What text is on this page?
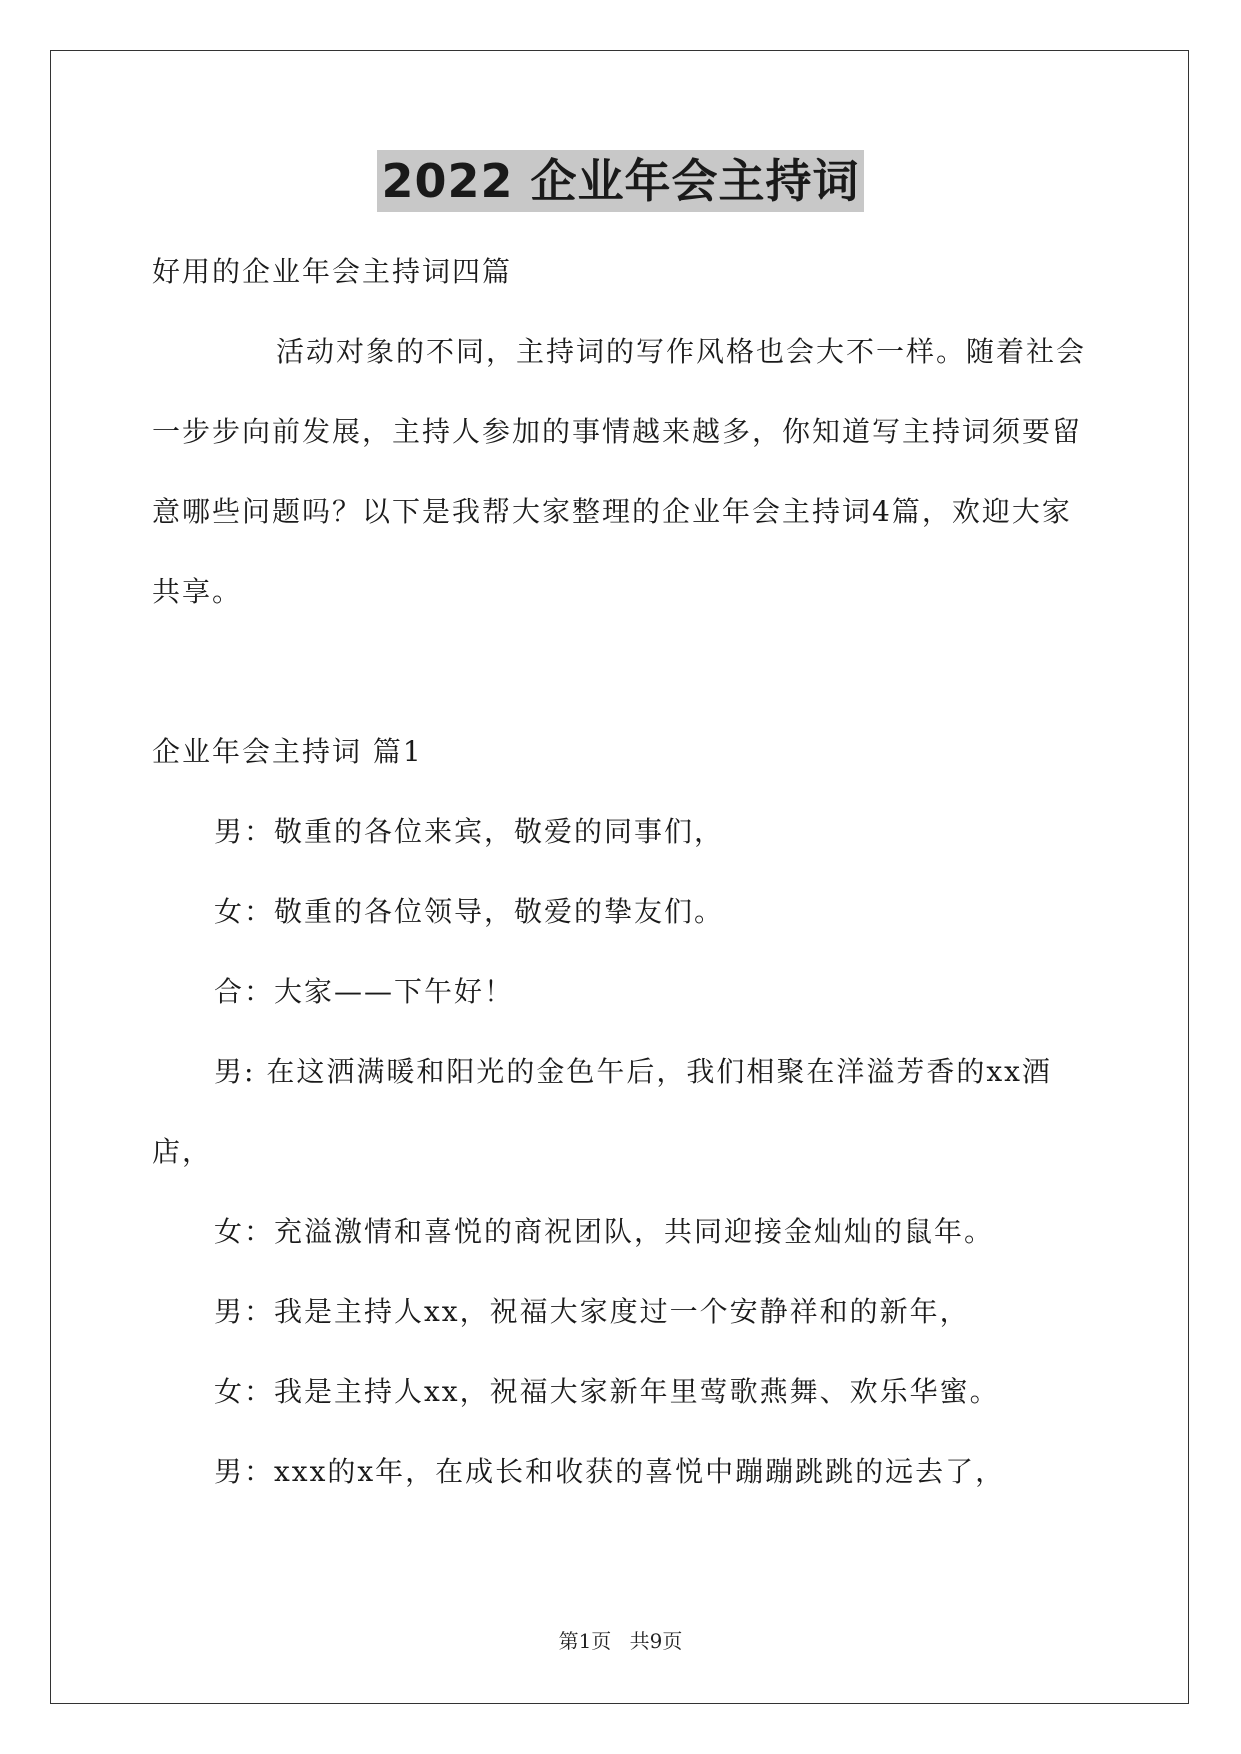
2022 企业年会主持词

好用的企业年会主持词四篇

活动对象的不同，主持词的写作风格也会大不一样。随着社会一步步向前发展，主持人参加的事情越来越多，你知道写主持词须要留意哪些问题吗？以下是我帮大家整理的企业年会主持词4篇，欢迎大家共享。

企业年会主持词 篇1

男：敬重的各位来宾，敬爱的同事们，

女：敬重的各位领导，敬爱的挚友们。

合：大家——下午好！

男: 在这洒满暖和阳光的金色午后，我们相聚在洋溢芳香的xx酒店，

女：充溢激情和喜悦的商祝团队，共同迎接金灿灿的鼠年。

男：我是主持人xx，祝福大家度过一个安静祥和的新年，

女：我是主持人xx，祝福大家新年里莺歌燕舞、欢乐华蜜。

男：xxx的x年，在成长和收获的喜悦中蹦蹦跳跳的远去了，

第1页 共9页
